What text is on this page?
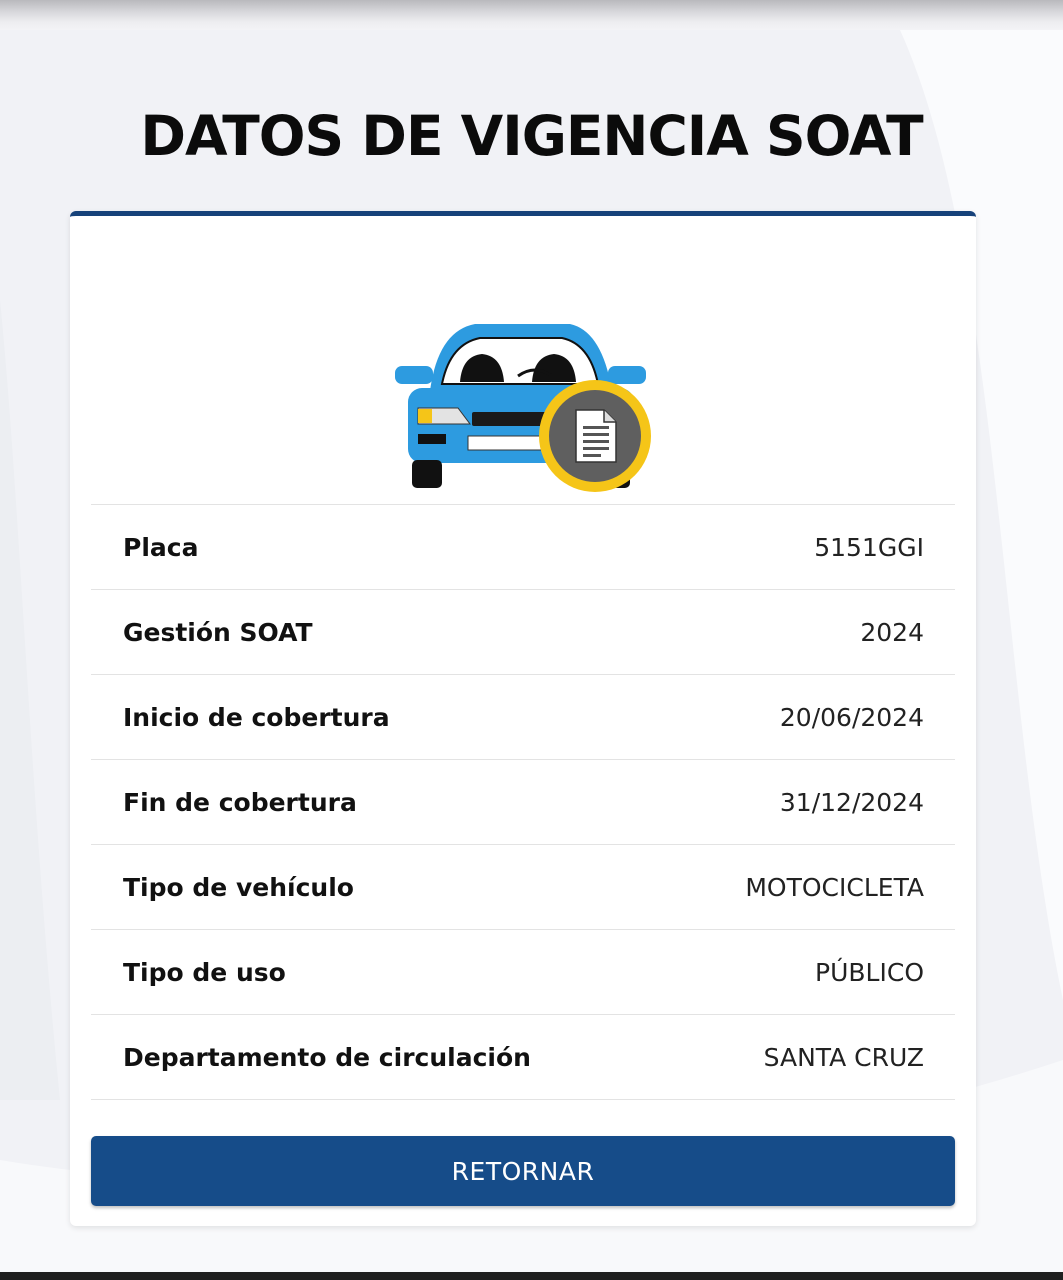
DATOS DE VIGENCIA SOAT
Placa	5151GGI
Gestión SOAT	2024
Inicio de cobertura	20/06/2024
Fin de cobertura	31/12/2024
Tipo de vehículo	MOTOCICLETA
Tipo de uso	PÚBLICO
Departamento de circulación	SANTA CRUZ
RETORNAR
